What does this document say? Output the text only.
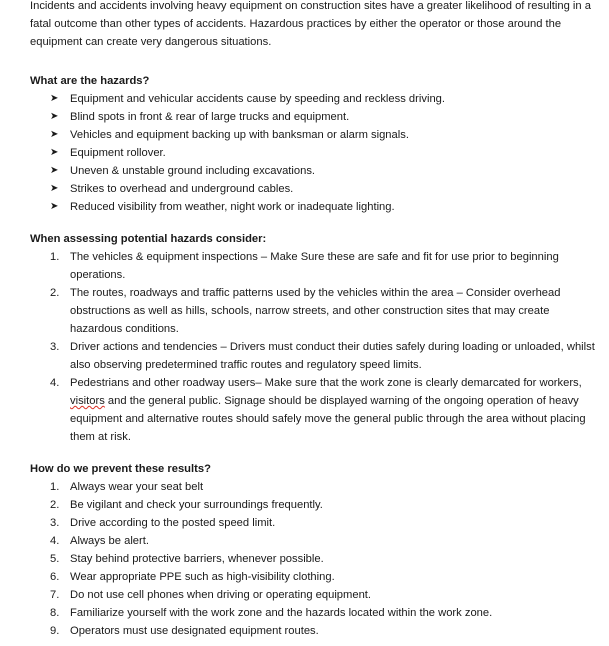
Incidents and accidents involving heavy equipment on construction sites have a greater likelihood of resulting in a fatal outcome than other types of accidents. Hazardous practices by either the operator or those around the equipment can create very dangerous situations.

What are the hazards?

➤ Equipment and vehicular accidents cause by speeding and reckless driving.
➤ Blind spots in front & rear of large trucks and equipment.
➤ Vehicles and equipment backing up with banksman or alarm signals.
➤ Equipment rollover.
➤ Uneven & unstable ground including excavations.
➤ Strikes to overhead and underground cables.
➤ Reduced visibility from weather, night work or inadequate lighting.

When assessing potential hazards consider:

1. The vehicles & equipment inspections – Make Sure these are safe and fit for use prior to beginning operations.
2. The routes, roadways and traffic patterns used by the vehicles within the area – Consider overhead obstructions as well as hills, schools, narrow streets, and other construction sites that may create hazardous conditions.
3. Driver actions and tendencies – Drivers must conduct their duties safely during loading or unloaded, whilst also observing predetermined traffic routes and regulatory speed limits.
4. Pedestrians and other roadway users– Make sure that the work zone is clearly demarcated for workers, visitors and the general public. Signage should be displayed warning of the ongoing operation of heavy equipment and alternative routes should safely move the general public through the area without placing them at risk.

How do we prevent these results?

1. Always wear your seat belt
2. Be vigilant and check your surroundings frequently.
3. Drive according to the posted speed limit.
4. Always be alert.
5. Stay behind protective barriers, whenever possible.
6. Wear appropriate PPE such as high-visibility clothing.
7. Do not use cell phones when driving or operating equipment.
8. Familiarize yourself with the work zone and the hazards located within the work zone.
9. Operators must use designated equipment routes.
